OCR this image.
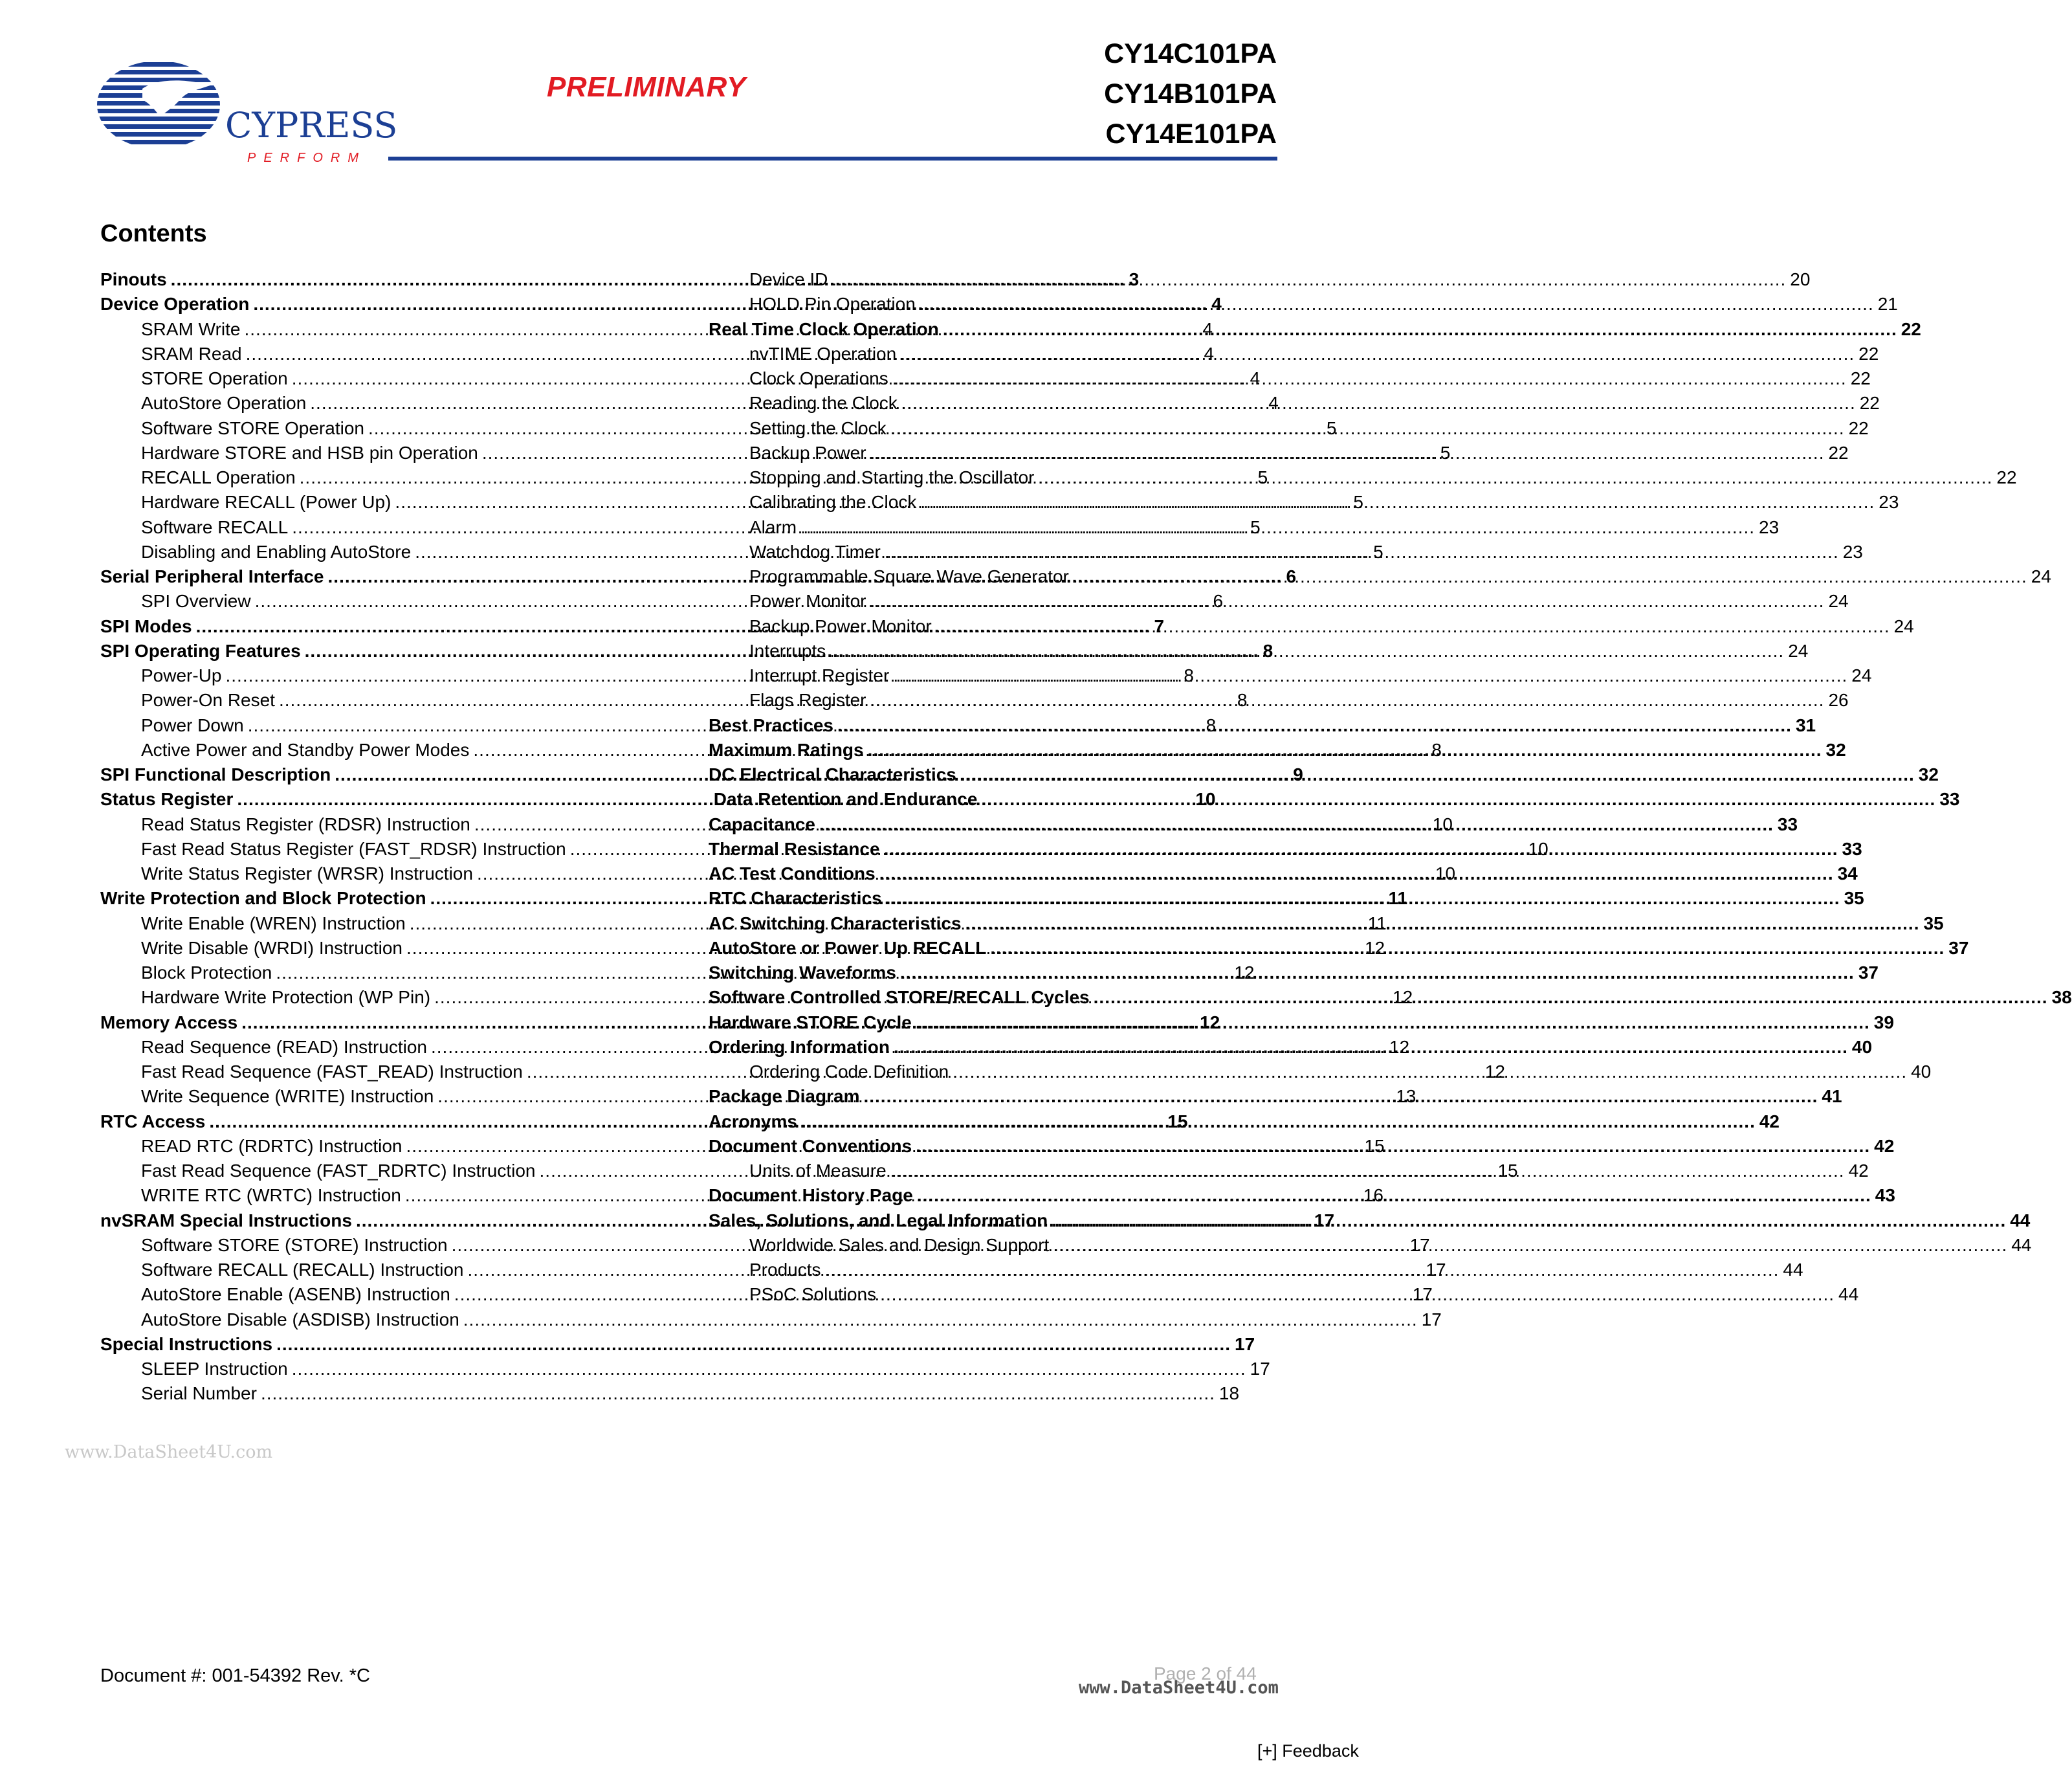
CYPRESS
PERFORM
PRELIMINARY
CY14C101PA
CY14B101PA
CY14E101PA
Contents
Pinouts .....	3
Device Operation .....	4
SRAM Write .....	4
SRAM Read .....	4
STORE Operation .....	4
AutoStore Operation .....	4
Software STORE Operation .....	5
Hardware STORE and HSB pin Operation .....	5
RECALL Operation .....	5
Hardware RECALL (Power Up) .....	5
Software RECALL .....	5
Disabling and Enabling AutoStore .....	5
Serial Peripheral Interface .....	6
SPI Overview .....	6
SPI Modes .....	7
SPI Operating Features .....	8
Power-Up .....	8
Power-On Reset .....	8
Power Down .....	8
Active Power and Standby Power Modes .....	8
SPI Functional Description .....	9
Status Register .....	10
Read Status Register (RDSR) Instruction .....	10
Fast Read Status Register (FAST_RDSR) Instruction .....	10
Write Status Register (WRSR) Instruction .....	10
Write Protection and Block Protection .....	11
Write Enable (WREN) Instruction .....	11
Write Disable (WRDI) Instruction .....	12
Block Protection .....	12
Hardware Write Protection (WP Pin) .....	12
Memory Access .....	12
Read Sequence (READ) Instruction .....	12
Fast Read Sequence (FAST_READ) Instruction .....	12
Write Sequence (WRITE) Instruction .....	13
RTC Access .....	15
READ RTC (RDRTC) Instruction .....	15
Fast Read Sequence (FAST_RDRTC) Instruction .....	15
WRITE RTC (WRTC) Instruction .....	16
nvSRAM Special Instructions .....	17
Software STORE (STORE) Instruction .....	17
Software RECALL (RECALL) Instruction .....	17
AutoStore Enable (ASENB) Instruction .....	17
AutoStore Disable (ASDISB) Instruction .....	17
Special Instructions .....	17
SLEEP Instruction .....	17
Serial Number .....	18
Device ID .....	20
HOLD Pin Operation .....	21
Real Time Clock Operation .....	22
nvTIME Operation .....	22
Clock Operations .....	22
Reading the Clock .....	22
Setting the Clock .....	22
Backup Power .....	22
Stopping and Starting the Oscillator .....	22
Calibrating the Clock .....	23
Alarm .....	23
Watchdog Timer .....	23
Programmable Square Wave Generator .....	24
Power Monitor .....	24
Backup Power Monitor .....	24
Interrupts .....	24
Interrupt Register .....	24
Flags Register .....	26
Best Practices .....	31
Maximum Ratings .....	32
DC Electrical Characteristics .....	32
Data Retention and Endurance .....	33
Capacitance .....	33
Thermal Resistance .....	33
AC Test Conditions .....	34
RTC Characteristics .....	35
AC Switching Characteristics .....	35
AutoStore or Power Up RECALL .....	37
Switching Waveforms .....	37
Software Controlled STORE/RECALL Cycles .....	38
Hardware STORE Cycle .....	39
Ordering Information .....	40
Ordering Code Definition .....	40
Package Diagram .....	41
Acronyms .....	42
Document Conventions .....	42
Units of Measure .....	42
Document History Page .....	43
Sales, Solutions, and Legal Information .....	44
Worldwide Sales and Design Support .....	44
Products .....	44
PSoC Solutions .....	44
www.DataSheet4U.com
Document #: 001-54392 Rev. *C	Page 2 of 44
www.DataSheet4U.com
[+] Feedback
